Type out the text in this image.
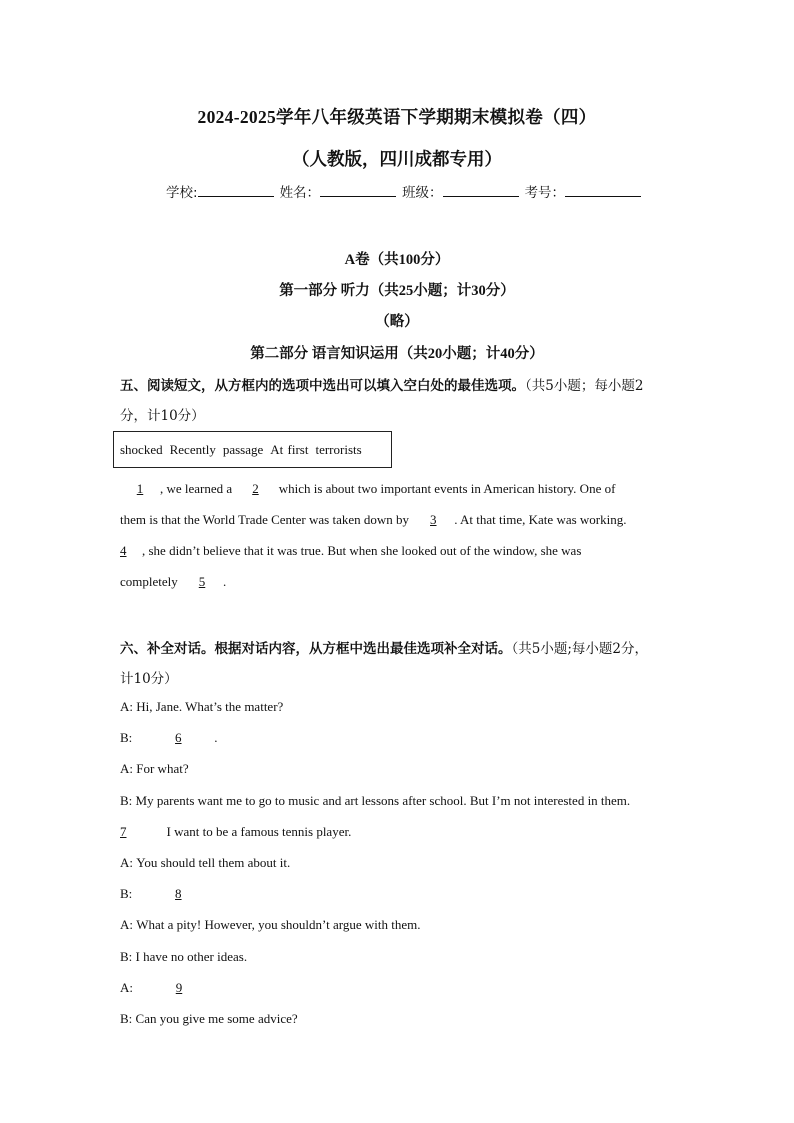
2024-2025学年八年级英语下学期期末模拟卷（四）
（人教版，四川成都专用）
学校:	姓名：	班级：	考号：
A卷（共100分）
第一部分 听力（共25小题；计30分）
（略）
第二部分 语言知识运用（共20小题；计40分）
五、阅读短文，从方框内的选项中选出可以填入空白处的最佳选项。（共5小题；每小题2
分，计10分）
shocked Recently passage At first terrorists
1 , we learned a 2 which is about two important events in American history. One of
them is that the World Trade Center was taken down by 3 . At that time, Kate was working.
4 , she didn’t believe that it was true. But when she looked out of the window, she was
completely 5 .
六、补全对话。根据对话内容，从方框中选出最佳选项补全对话。（共5小题;每小题2分，
计10分）
A: Hi, Jane. What’s the matter?
B:	6	.
A: For what?
B: My parents want me to go to music and art lessons after school. But I’m not interested in them.
7	I want to be a famous tennis player.
A: You should tell them about it.
B:	8
A: What a pity! However, you shouldn’t argue with them.
B: I have no other ideas.
A:	9
B: Can you give me some advice?
